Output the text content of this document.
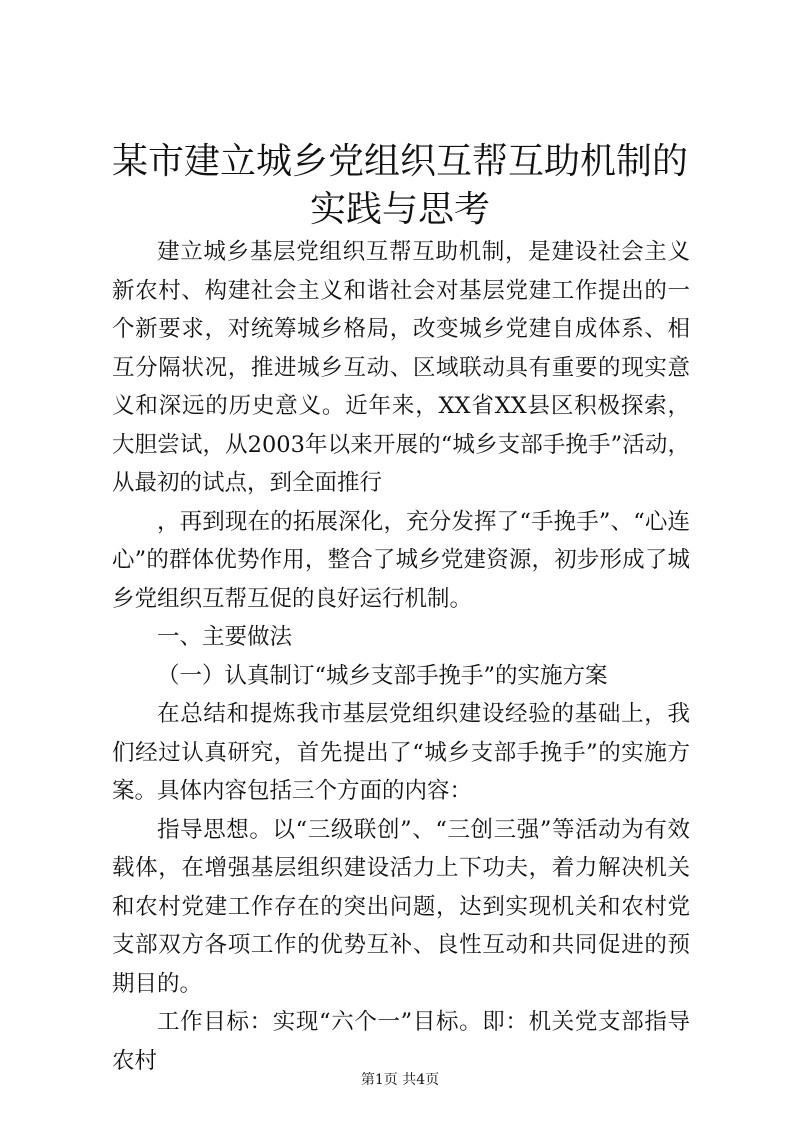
某市建立城乡党组织互帮互助机制的实践与思考

建立城乡基层党组织互帮互助机制，是建设社会主义新农村、构建社会主义和谐社会对基层党建工作提出的一个新要求，对统筹城乡格局，改变城乡党建自成体系、相互分隔状况，推进城乡互动、区域联动具有重要的现实意义和深远的历史意义。近年来，XX省XX县区积极探索，大胆尝试，从2003年以来开展的“城乡支部手挽手”活动，从最初的试点，到全面推行

，再到现在的拓展深化，充分发挥了“手挽手”、“心连心”的群体优势作用，整合了城乡党建资源，初步形成了城乡党组织互帮互促的良好运行机制。

一、主要做法

（一）认真制订“城乡支部手挽手”的实施方案

在总结和提炼我市基层党组织建设经验的基础上，我们经过认真研究，首先提出了“城乡支部手挽手”的实施方案。具体内容包括三个方面的内容：

指导思想。以“三级联创”、“三创三强”等活动为有效载体，在增强基层组织建设活力上下功夫，着力解决机关和农村党建工作存在的突出问题，达到实现机关和农村党支部双方各项工作的优势互补、良性互动和共同促进的预期目的。

工作目标：实现“六个一”目标。即：机关党支部指导农村

第1页 共4页
